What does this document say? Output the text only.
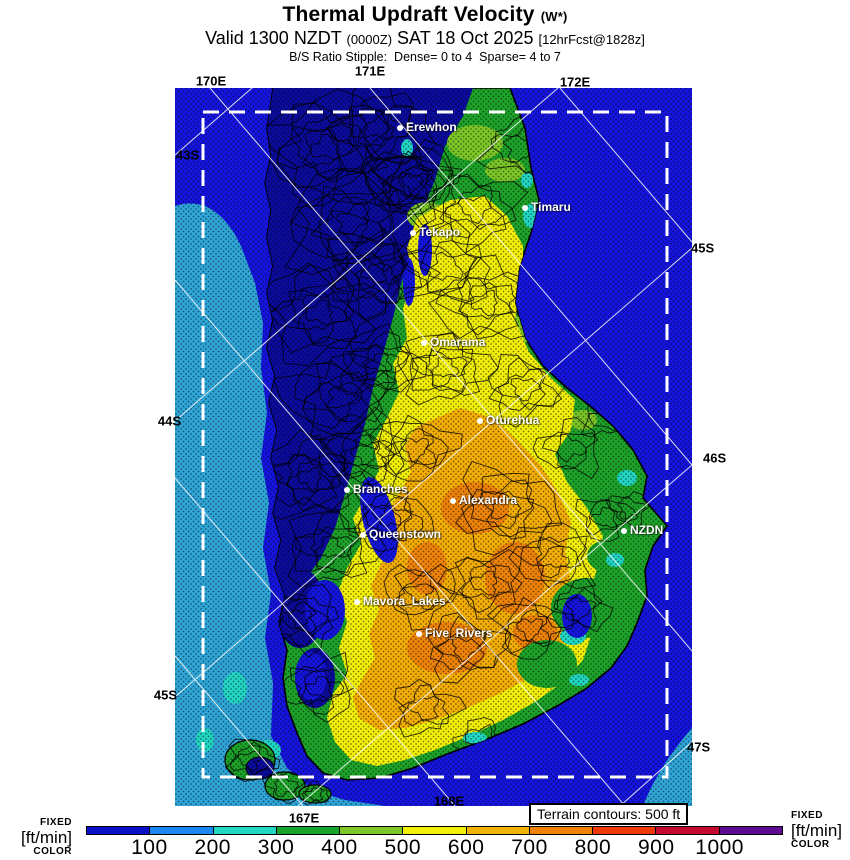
Thermal Updraft Velocity (W*)
Valid 1300 NZDT (0000Z) SAT 18 Oct 2025 [12hrFcst@1828z]
B/S Ratio Stipple:  Dense= 0 to 4  Sparse= 4 to 7
170E
171E
172E
43S
44S
45S
45S
46S
47S
168E
167E
Erewhon
Timaru
Tekapo
Omarama
Oturehua
Branches
Alexandra
Queenstown	NZDN
Mavora_Lakes
Five_Rivers
100 200 300 400 500 600 700 800 900 1000
Terrain contours: 500 ft
FIXED
[ft/min]
COLOR
FIXED
[ft/min]
COLOR
